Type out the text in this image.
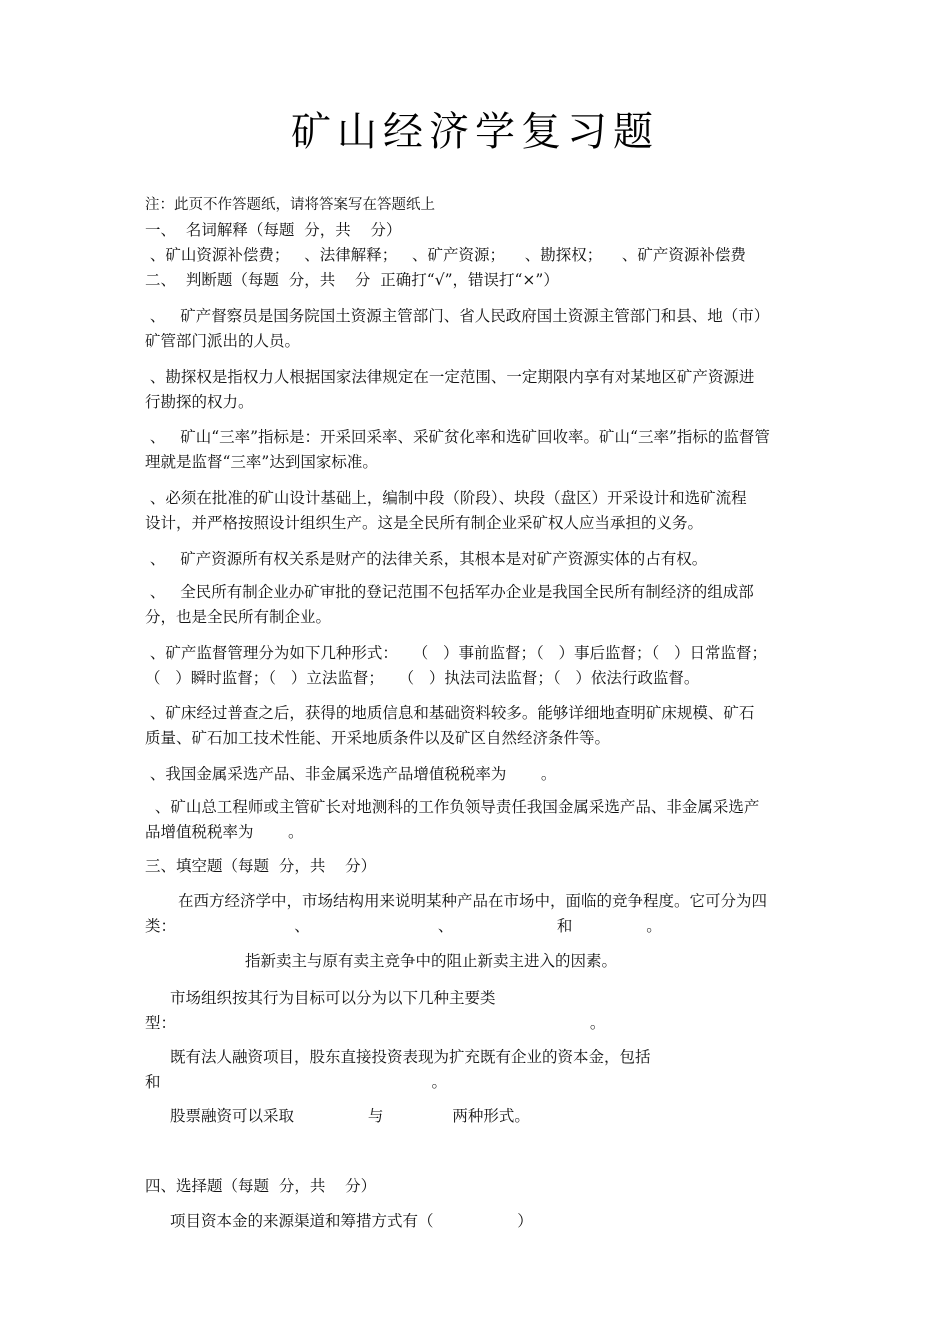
矿山经济学复习题
注：此页不作答题纸，请将答案写在答题纸上
一、  名词解释（每题  分，共    分）
、矿山资源补偿费；   、法律解释；   、矿产资源；    、勘探权；    、矿产资源补偿费
二、  判断题（每题  分，共    分  正确打“√”，错误打“×”）
、   矿产督察员是国务院国土资源主管部门、省人民政府国土资源主管部门和县、地（市）
矿管部门派出的人员。
、勘探权是指权力人根据国家法律规定在一定范围、一定期限内享有对某地区矿产资源进
行勘探的权力。
、   矿山“三率”指标是：开采回采率、采矿贫化率和选矿回收率。矿山“三率”指标的监督管
理就是监督“三率”达到国家标准。
、必须在批准的矿山设计基础上，编制中段（阶段）、块段（盘区）开采设计和选矿流程
设计，并严格按照设计组织生产。这是全民所有制企业采矿权人应当承担的义务。
、   矿产资源所有权关系是财产的法律关系，其根本是对矿产资源实体的占有权。
、   全民所有制企业办矿审批的登记范围不包括军办企业是我国全民所有制经济的组成部
分，也是全民所有制企业。
、矿产监督管理分为如下几种形式：   （   ）事前监督；（   ）事后监督；（   ）日常监督；
（   ）瞬时监督；（   ）立法监督；   （   ）执法司法监督；（   ）依法行政监督。
、矿床经过普查之后，获得的地质信息和基础资料较多。能够详细地查明矿床规模、矿石
质量、矿石加工技术性能、开采地质条件以及矿区自然经济条件等。
、我国金属采选产品、非金属采选产品增值税税率为       。
、矿山总工程师或主管矿长对地测科的工作负领导责任我国金属采选产品、非金属采选产
品增值税税率为       。
三、填空题（每题  分，共    分）
在西方经济学中，市场结构用来说明某种产品在市场中，面临的竞争程度。它可分为四
类：                        、                          、                     和               。
指新卖主与原有卖主竞争中的阻止新卖主进入的因素。
市场组织按其行为目标可以分为以下几种主要类
型：                                                                                    。
既有法人融资项目，股东直接投资表现为扩充既有企业的资本金，包括
和                                                       。
股票融资可以采取               与              两种形式。
四、选择题（每题  分，共    分）
项目资本金的来源渠道和筹措方式有（                 ）
